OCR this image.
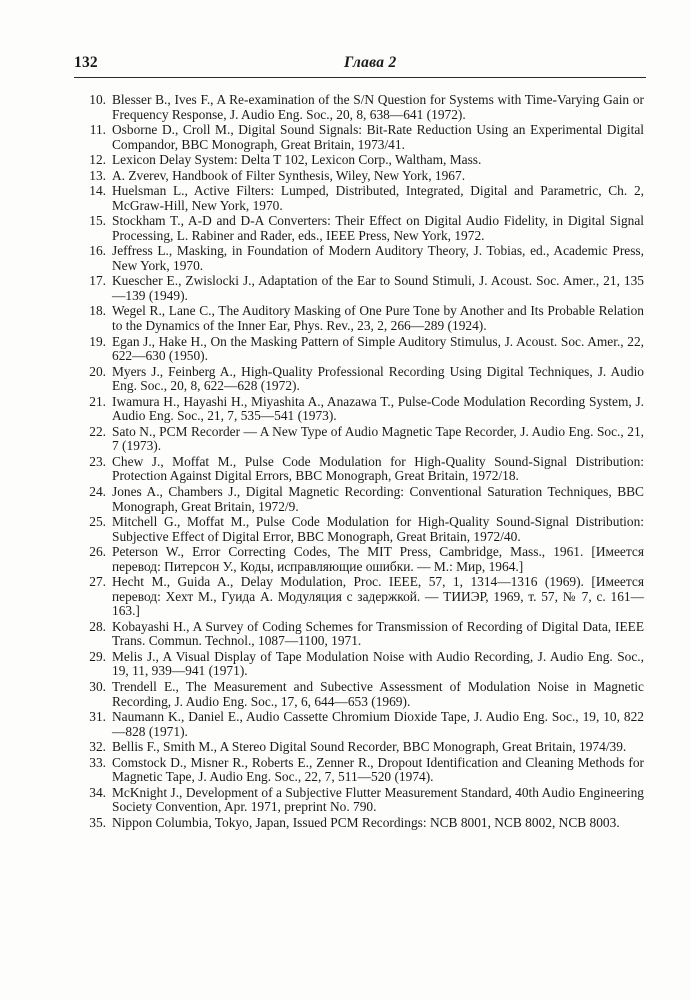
132	Глава 2
10. Blesser B., Ives F., A Re-examination of the S/N Question for Systems with Time-Varying Gain or Frequency Response, J. Audio Eng. Soc., 20, 8, 638—641 (1972).
11. Osborne D., Croll M., Digital Sound Signals: Bit-Rate Reduction Using an Experimental Digital Compandor, BBC Monograph, Great Britain, 1973/41.
12. Lexicon Delay System: Delta T 102, Lexicon Corp., Waltham, Mass.
13. A. Zverev, Handbook of Filter Synthesis, Wiley, New York, 1967.
14. Huelsman L., Active Filters: Lumped, Distributed, Integrated, Digital and Parametric, Ch. 2, McGraw-Hill, New York, 1970.
15. Stockham T., A-D and D-A Converters: Their Effect on Digital Audio Fidelity, in Digital Signal Processing, L. Rabiner and Rader, eds., IEEE Press, New York, 1972.
16. Jeffress L., Masking, in Foundation of Modern Auditory Theory, J. Tobias, ed., Academic Press, New York, 1970.
17. Kuescher E., Zwislocki J., Adaptation of the Ear to Sound Stimuli, J. Acoust. Soc. Amer., 21, 135—139 (1949).
18. Wegel R., Lane C., The Auditory Masking of One Pure Tone by Another and Its Probable Relation to the Dynamics of the Inner Ear, Phys. Rev., 23, 2, 266—289 (1924).
19. Egan J., Hake H., On the Masking Pattern of Simple Auditory Stimulus, J. Acoust. Soc. Amer., 22, 622—630 (1950).
20. Myers J., Feinberg A., High-Quality Professional Recording Using Digital Techniques, J. Audio Eng. Soc., 20, 8, 622—628 (1972).
21. Iwamura H., Hayashi H., Miyashita A., Anazawa T., Pulse-Code Modulation Recording System, J. Audio Eng. Soc., 21, 7, 535—541 (1973).
22. Sato N., PCM Recorder — A New Type of Audio Magnetic Tape Recorder, J. Audio Eng. Soc., 21, 7 (1973).
23. Chew J., Moffat M., Pulse Code Modulation for High-Quality Sound-Signal Distribution: Protection Against Digital Errors, BBC Monograph, Great Britain, 1972/18.
24. Jones A., Chambers J., Digital Magnetic Recording: Conventional Saturation Techniques, BBC Monograph, Great Britain, 1972/9.
25. Mitchell G., Moffat M., Pulse Code Modulation for High-Quality Sound-Signal Distribution: Subjective Effect of Digital Error, BBC Monograph, Great Britain, 1972/40.
26. Peterson W., Error Correcting Codes, The MIT Press, Cambridge, Mass., 1961. [Имеется перевод: Питерсон У., Коды, исправляющие ошибки. — М.: Мир, 1964.]
27. Hecht M., Guida A., Delay Modulation, Proc. IEEE, 57, 1, 1314—1316 (1969). [Имеется перевод: Хехт М., Гуида А. Модуляция с задержкой. — ТИИЭР, 1969, т. 57, № 7, с. 161—163.]
28. Kobayashi H., A Survey of Coding Schemes for Transmission of Recording of Digital Data, IEEE Trans. Commun. Technol., 1087—1100, 1971.
29. Melis J., A Visual Display of Tape Modulation Noise with Audio Recording, J. Audio Eng. Soc., 19, 11, 939—941 (1971).
30. Trendell E., The Measurement and Subective Assessment of Modulation Noise in Magnetic Recording, J. Audio Eng. Soc., 17, 6, 644—653 (1969).
31. Naumann K., Daniel E., Audio Cassette Chromium Dioxide Tape, J. Audio Eng. Soc., 19, 10, 822—828 (1971).
32. Bellis F., Smith M., A Stereo Digital Sound Recorder, BBC Monograph, Great Britain, 1974/39.
33. Comstock D., Misner R., Roberts E., Zenner R., Dropout Identification and Cleaning Methods for Magnetic Tape, J. Audio Eng. Soc., 22, 7, 511—520 (1974).
34. McKnight J., Development of a Subjective Flutter Measurement Standard, 40th Audio Engineering Society Convention, Apr. 1971, preprint No. 790.
35. Nippon Columbia, Tokyo, Japan, Issued PCM Recordings: NCB 8001, NCB 8002, NCB 8003.
